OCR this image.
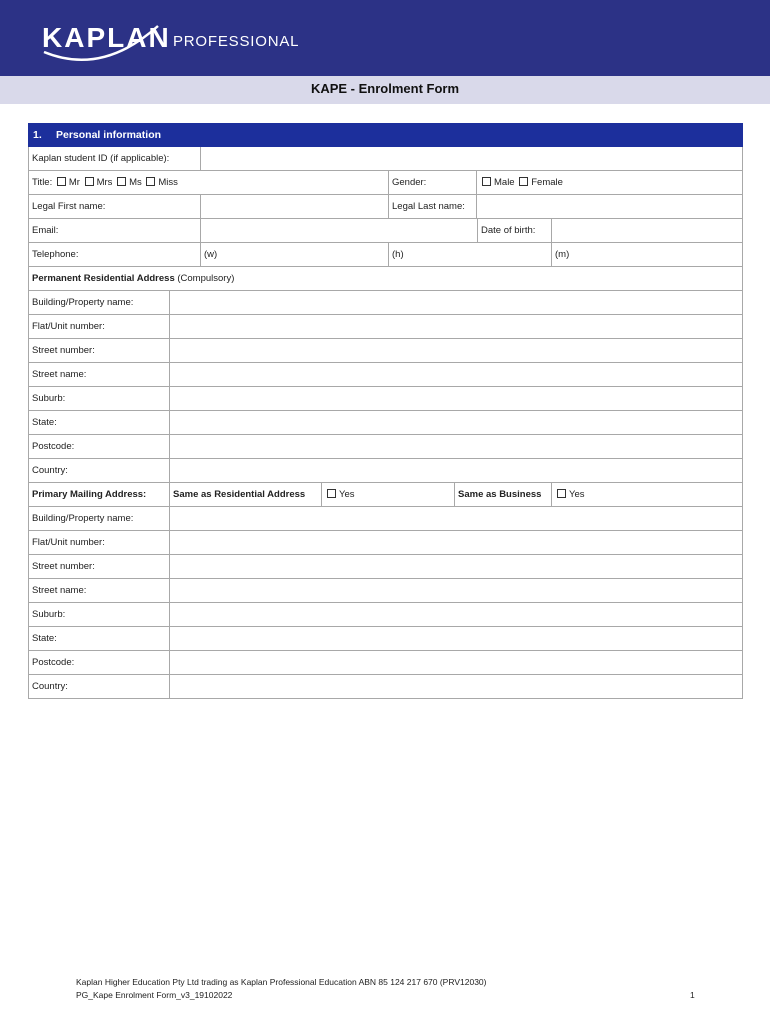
KAPLAN PROFESSIONAL
KAPE - Enrolment Form
1. Personal information
Kaplan student ID (if applicable):
Title: Mr Mrs Ms Miss	Gender:	Male Female
Legal First name:	Legal Last name:
Email:	Date of birth:
Telephone:	(w)	(h)	(m)
Permanent Residential Address (Compulsory)
Building/Property name:
Flat/Unit number:
Street number:
Street name:
Suburb:
State:
Postcode:
Country:
Primary Mailing Address:	Same as Residential Address	Yes	Same as Business	Yes
Building/Property name:
Flat/Unit number:
Street number:
Street name:
Suburb:
State:
Postcode:
Country:
Kaplan Higher Education Pty Ltd trading as Kaplan Professional Education ABN 85 124 217 670 (PRV12030)
PG_Kape Enrolment Form_v3_19102022	1
